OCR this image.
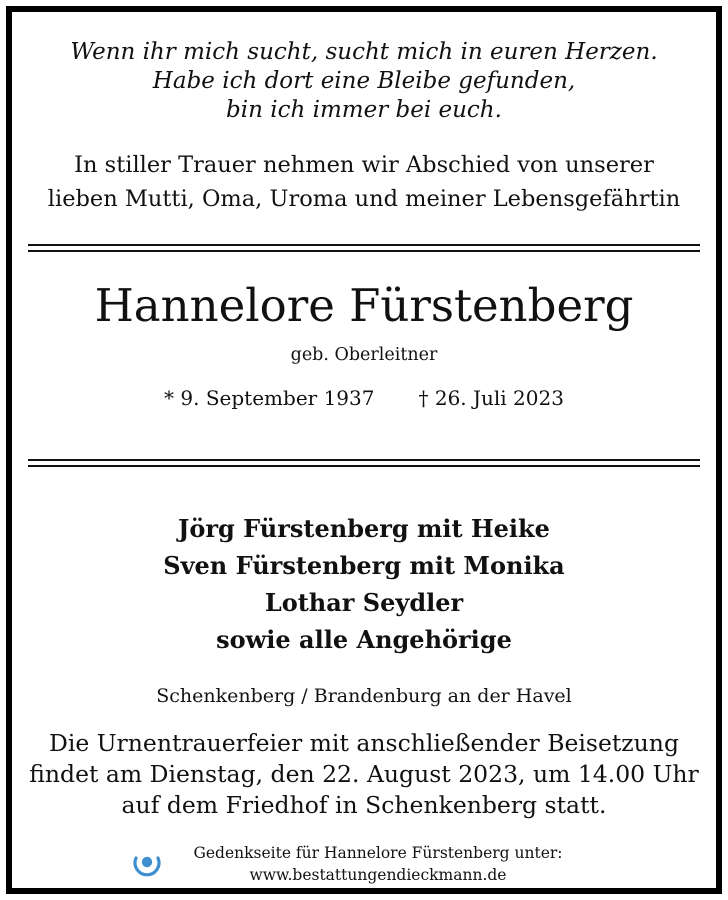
Wenn ihr mich sucht, sucht mich in euren Herzen.
Habe ich dort eine Bleibe gefunden,
bin ich immer bei euch.
In stiller Trauer nehmen wir Abschied von unserer
lieben Mutti, Oma, Uroma und meiner Lebensgefährtin
Hannelore Fürstenberg
geb. Oberleitner
* 9. September 1937 † 26. Juli 2023
Jörg Fürstenberg mit Heike
Sven Fürstenberg mit Monika
Lothar Seydler
sowie alle Angehörige
Schenkenberg / Brandenburg an der Havel
Die Urnentrauerfeier mit anschließender Beisetzung
findet am Dienstag, den 22. August 2023, um 14.00 Uhr
auf dem Friedhof in Schenkenberg statt.
Gedenkseite für Hannelore Fürstenberg unter:
www.bestattungendieckmann.de
